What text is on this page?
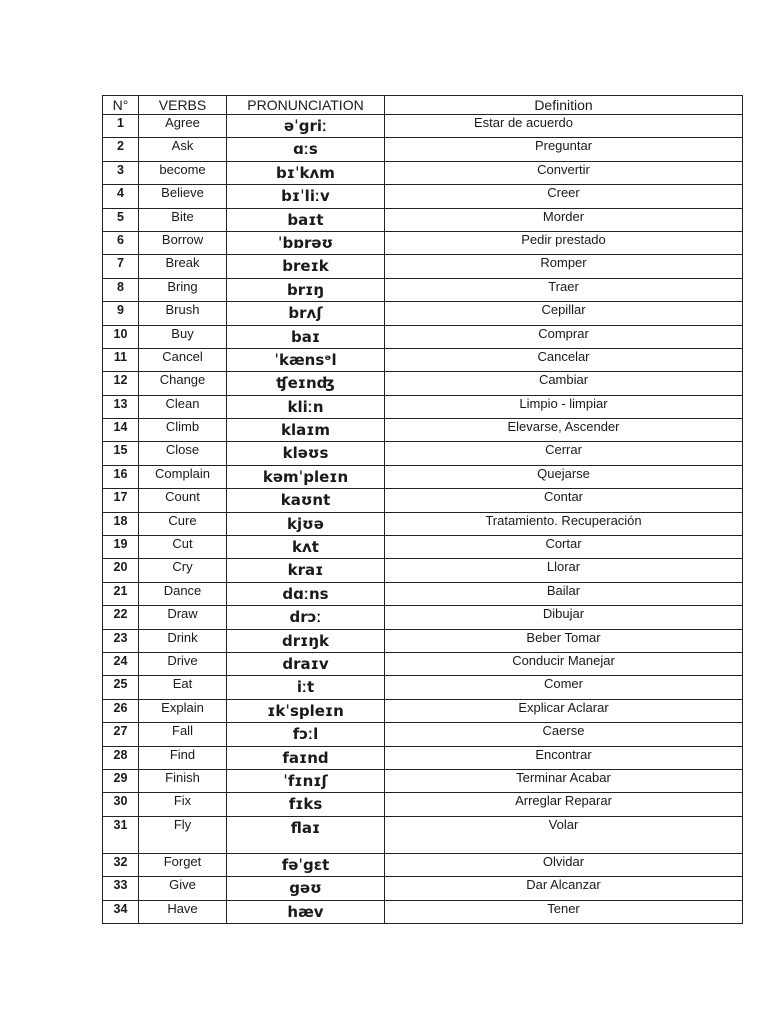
N°	VERBS	PRONUNCIATION	Definition
1	Agree	əˈgriː	Estar de acuerdo
2	Ask	ɑːs	Preguntar
3	become	bɪˈkʌm	Convertir
4	Believe	bɪˈliːv	Creer
5	Bite	baɪt	Morder
6	Borrow	ˈbɒrəʊ	Pedir prestado
7	Break	breɪk	Romper
8	Bring	brɪŋ	Traer
9	Brush	brʌʃ	Cepillar
10	Buy	baɪ	Comprar
11	Cancel	ˈkænsᵊl	Cancelar
12	Change	ʧeɪnʤ	Cambiar
13	Clean	kliːn	Limpio - limpiar
14	Climb	klaɪm	Elevarse, Ascender
15	Close	kləʊs	Cerrar
16	Complain	kəmˈpleɪn	Quejarse
17	Count	kaʊnt	Contar
18	Cure	kjʊə	Tratamiento. Recuperación
19	Cut	kʌt	Cortar
20	Cry	kraɪ	Llorar
21	Dance	dɑːns	Bailar
22	Draw	drɔː	Dibujar
23	Drink	drɪŋk	Beber Tomar
24	Drive	draɪv	Conducir Manejar
25	Eat	iːt	Comer
26	Explain	ɪkˈspleɪn	Explicar Aclarar
27	Fall	fɔːl	Caerse
28	Find	faɪnd	Encontrar
29	Finish	ˈfɪnɪʃ	Terminar Acabar
30	Fix	fɪks	Arreglar Reparar
31	Fly	flaɪ	Volar
32	Forget	fəˈgɛt	Olvidar
33	Give	gəʊ	Dar Alcanzar
34	Have	hæv	Tener
